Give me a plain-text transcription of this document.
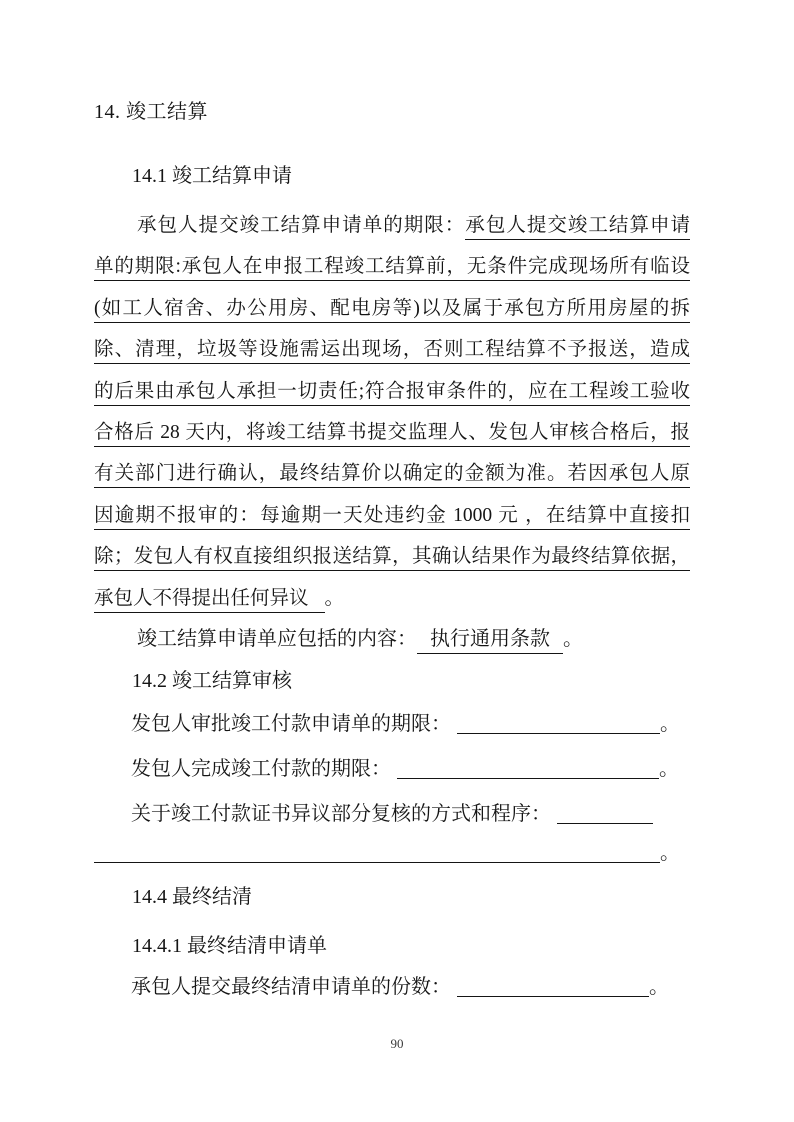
14. 竣工结算
14.1 竣工结算申请
承包人提交竣工结算申请单的期限：承包人提交竣工结算申请
单的期限:承包人在申报工程竣工结算前，无条件完成现场所有临设
(如工人宿舍、办公用房、配电房等)以及属于承包方所用房屋的拆
除、清理，垃圾等设施需运出现场，否则工程结算不予报送，造成
的后果由承包人承担一切责任;符合报审条件的，应在工程竣工验收
合格后 28 天内，将竣工结算书提交监理人、发包人审核合格后，报
有关部门进行确认，最终结算价以确定的金额为准。若因承包人原
因逾期不报审的：每逾期一天处违约金 1000 元 ，在结算中直接扣
除；发包人有权直接组织报送结算，其确认结果作为最终结算依据，
承包人不得提出任何异议 。
竣工结算申请单应包括的内容： 执行通用条款 。
14.2 竣工结算审核
发包人审批竣工付款申请单的期限：	。
发包人完成竣工付款的期限：	。
关于竣工付款证书异议部分复核的方式和程序：
。
14.4 最终结清
14.4.1 最终结清申请单
承包人提交最终结清申请单的份数：	。
90
